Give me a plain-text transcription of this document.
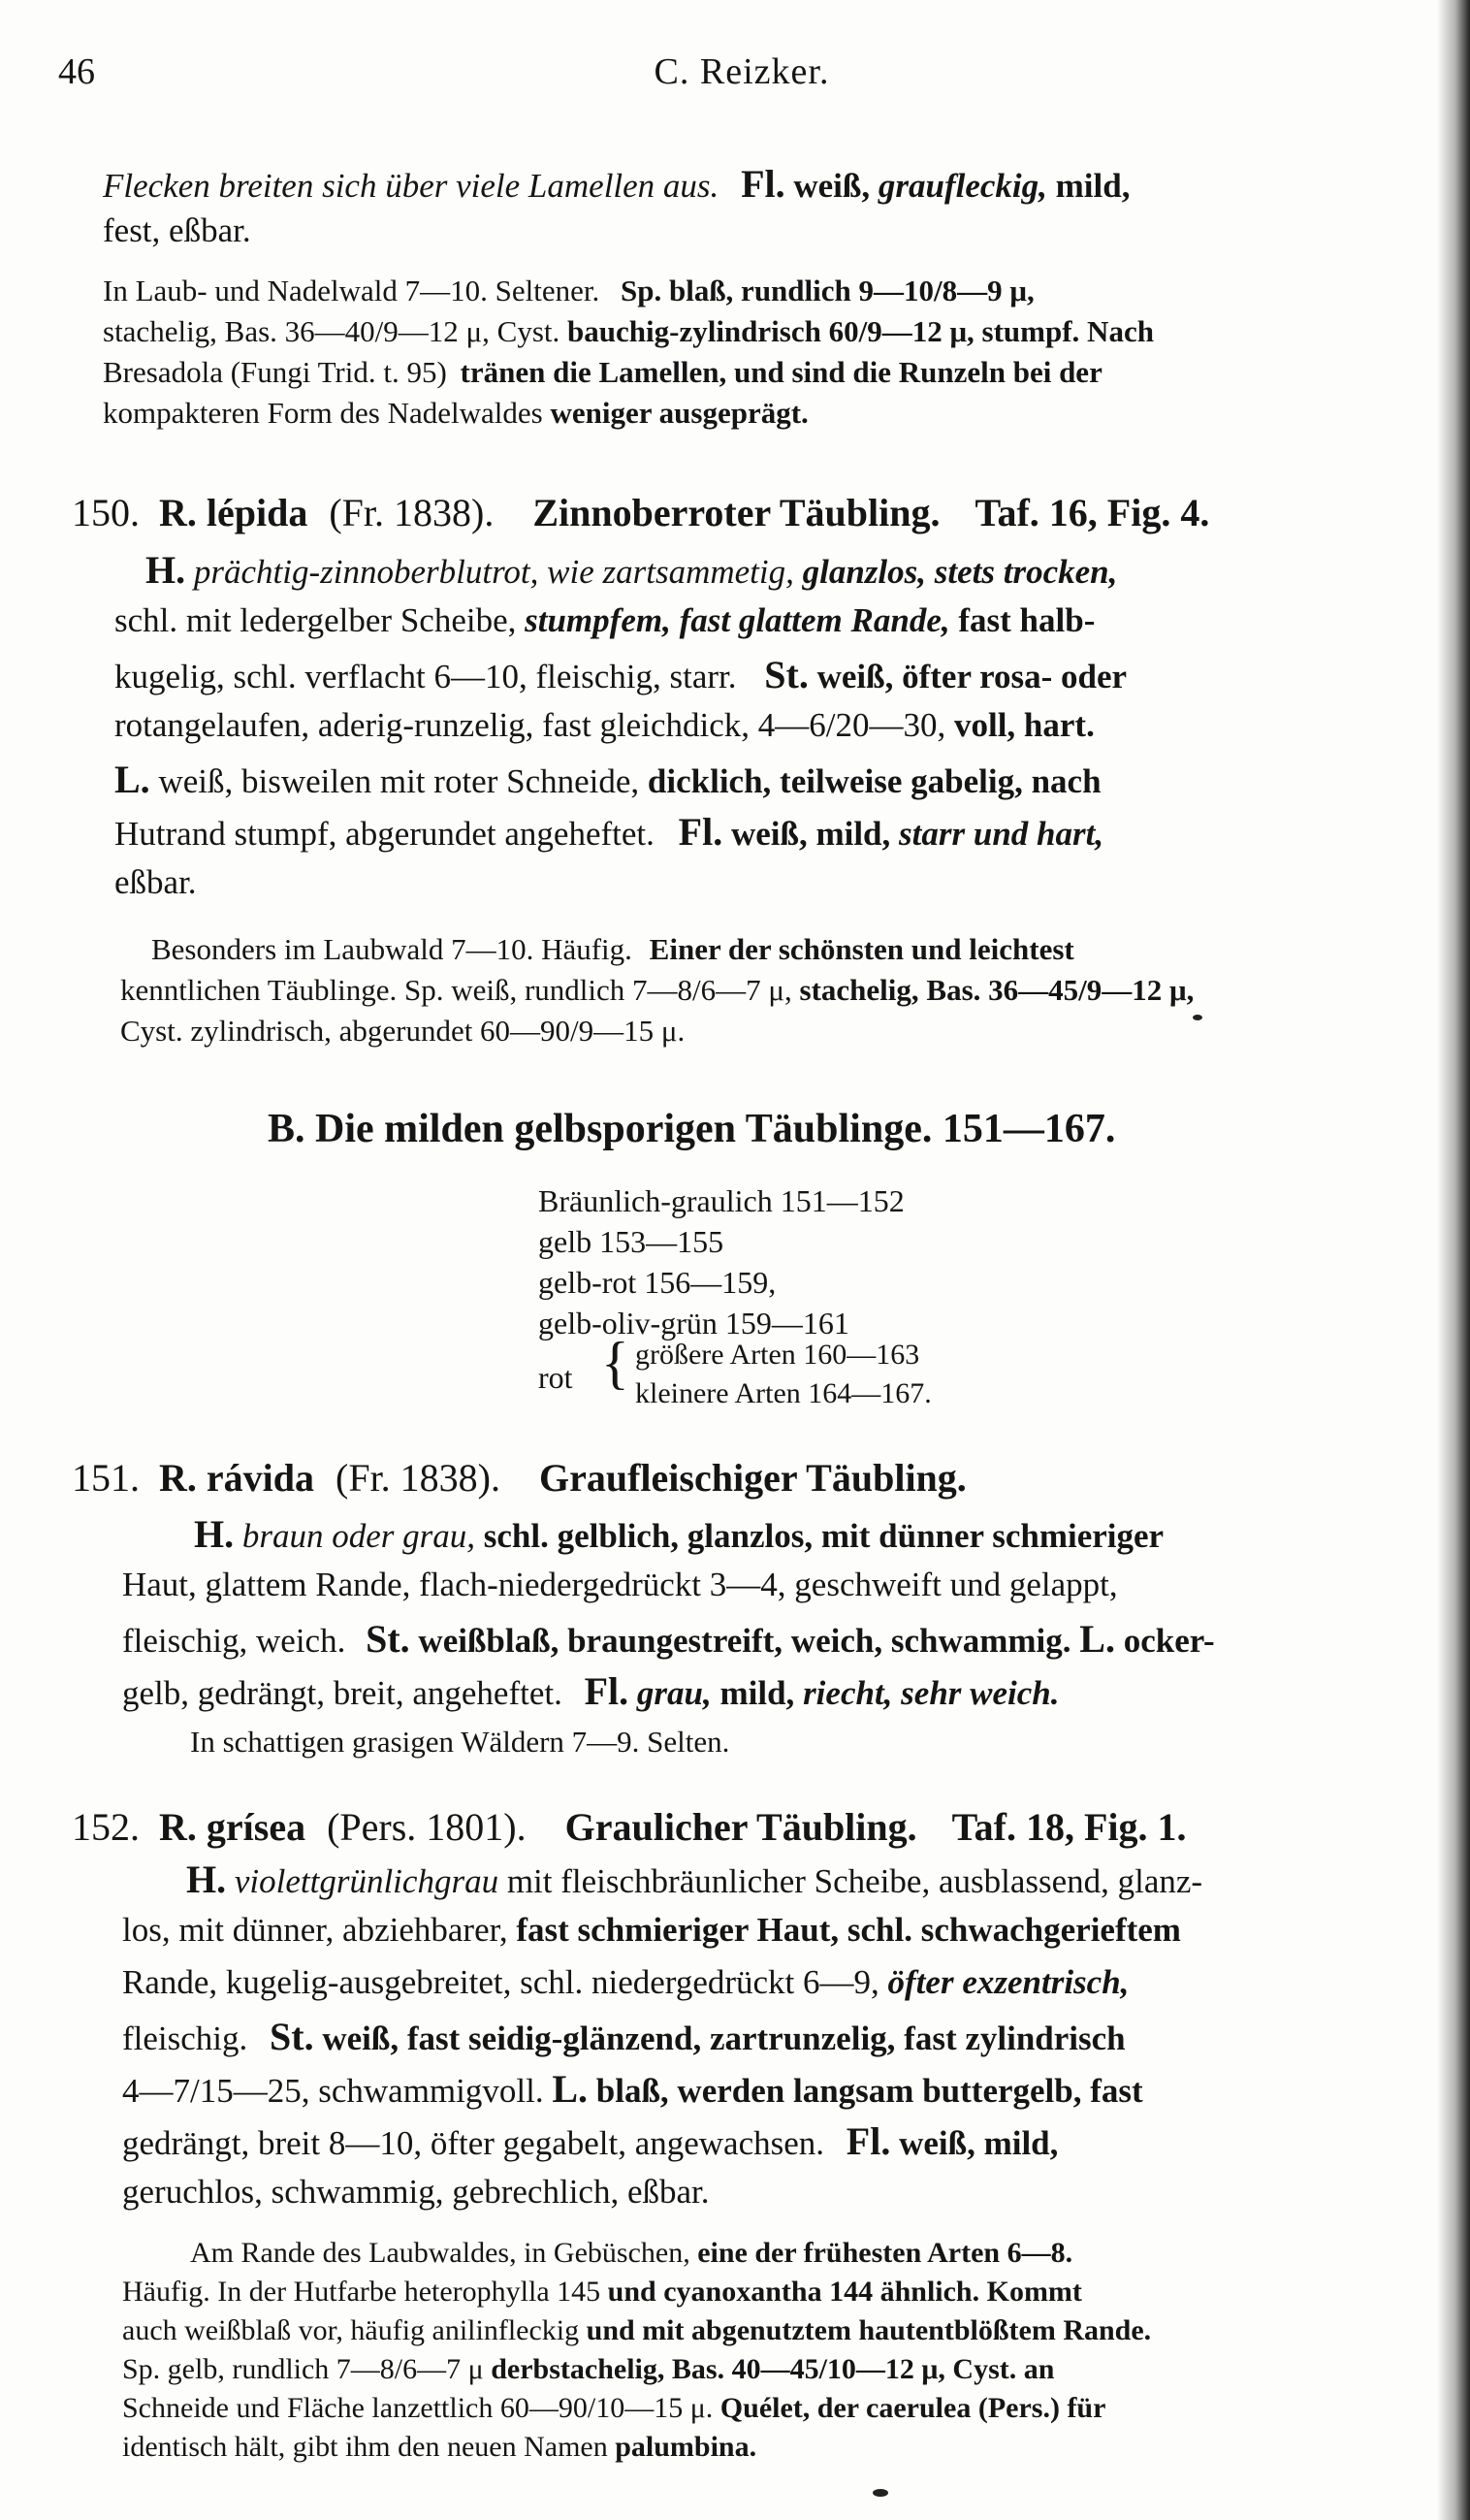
46	C. Reizker.
Flecken breiten sich über viele Lamellen aus. Fl. weiß, graufleckig, mild,
fest, eßbar.
In Laub- und Nadelwald 7—10. Seltener. Sp. blaß, rundlich 9—10/8—9 μ,
stachelig, Bas. 36—40/9—12 μ, Cyst. bauchig-zylindrisch 60/9—12 μ, stumpf. Nach
Bresadola (Fungi Trid. t. 95) tränen die Lamellen, und sind die Runzeln bei der
kompakteren Form des Nadelwaldes weniger ausgeprägt.
150. R. lépida (Fr. 1838). Zinnoberroter Täubling. Taf. 16, Fig. 4.
H. prächtig-zinnoberblutrot, wie zartsammetig, glanzlos, stets trocken,
schl. mit ledergelber Scheibe, stumpfem, fast glattem Rande, fast halb-
kugelig, schl. verflacht 6—10, fleischig, starr. St. weiß, öfter rosa- oder
rotangelaufen, aderig-runzelig, fast gleichdick, 4—6/20—30, voll, hart.
L. weiß, bisweilen mit roter Schneide, dicklich, teilweise gabelig, nach
Hutrand stumpf, abgerundet angeheftet. Fl. weiß, mild, starr und hart,
eßbar.
Besonders im Laubwald 7—10. Häufig. Einer der schönsten und leichtest
kenntlichen Täublinge. Sp. weiß, rundlich 7—8/6—7 μ, stachelig, Bas. 36—45/9—12 μ,
Cyst. zylindrisch, abgerundet 60—90/9—15 μ.
B. Die milden gelbsporigen Täublinge. 151—167.
Bräunlich-graulich 151—152
gelb 153—155
gelb-rot 156—159,
gelb-oliv-grün 159—161
rot
größere Arten 160—163
kleinere Arten 164—167.
{
151. R. rávida (Fr. 1838). Graufleischiger Täubling.
H. braun oder grau, schl. gelblich, glanzlos, mit dünner schmieriger
Haut, glattem Rande, flach-niedergedrückt 3—4, geschweift und gelappt,
fleischig, weich. St. weißblaß, braungestreift, weich, schwammig. L. ocker-
gelb, gedrängt, breit, angeheftet. Fl. grau, mild, riecht, sehr weich.
In schattigen grasigen Wäldern 7—9. Selten.
152. R. grísea (Pers. 1801). Graulicher Täubling. Taf. 18, Fig. 1.
H. violettgrünlichgrau mit fleischbräunlicher Scheibe, ausblassend, glanz-
los, mit dünner, abziehbarer, fast schmieriger Haut, schl. schwachgerieftem
Rande, kugelig-ausgebreitet, schl. niedergedrückt 6—9, öfter exzentrisch,
fleischig. St. weiß, fast seidig-glänzend, zartrunzelig, fast zylindrisch
4—7/15—25, schwammigvoll. L. blaß, werden langsam buttergelb, fast
gedrängt, breit 8—10, öfter gegabelt, angewachsen. Fl. weiß, mild,
geruchlos, schwammig, gebrechlich, eßbar.
Am Rande des Laubwaldes, in Gebüschen, eine der frühesten Arten 6—8.
Häufig. In der Hutfarbe heterophylla 145 und cyanoxantha 144 ähnlich. Kommt
auch weißblaß vor, häufig anilinfleckig und mit abgenutztem hautentblößtem Rande.
Sp. gelb, rundlich 7—8/6—7 μ derbstachelig, Bas. 40—45/10—12 μ, Cyst. an
Schneide und Fläche lanzettlich 60—90/10—15 μ. Quélet, der caerulea (Pers.) für
identisch hält, gibt ihm den neuen Namen palumbina.
